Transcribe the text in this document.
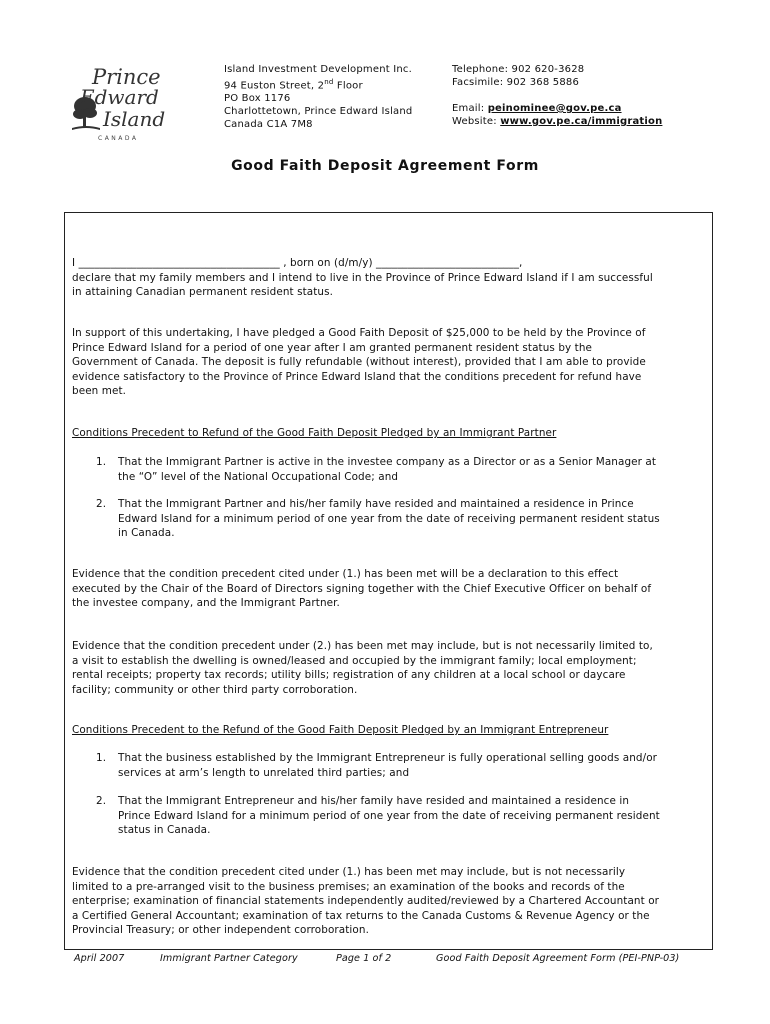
Prince
Edward
Island
CANADA
Island Investment Development Inc.
94 Euston Street, 2nd Floor
PO Box 1176
Charlottetown, Prince Edward Island
Canada C1A 7M8
Telephone: 902 620-3628
Facsimile: 902 368 5886
Email: peinominee@gov.pe.ca
Website: www.gov.pe.ca/immigration
Good Faith Deposit Agreement Form

I ______________________________________ , born on (d/m/y) ___________________________,
declare that my family members and I intend to live in the Province of Prince Edward Island if I am successful
in attaining Canadian permanent resident status.

In support of this undertaking, I have pledged a Good Faith Deposit of $25,000 to be held by the Province of
Prince Edward Island for a period of one year after I am granted permanent resident status by the
Government of Canada. The deposit is fully refundable (without interest), provided that I am able to provide
evidence satisfactory to the Province of Prince Edward Island that the conditions precedent for refund have
been met.

Conditions Precedent to Refund of the Good Faith Deposit Pledged by an Immigrant Partner

1.	That the Immigrant Partner is active in the investee company as a Director or as a Senior Manager at
the “O” level of the National Occupational Code; and
2.	That the Immigrant Partner and his/her family have resided and maintained a residence in Prince
Edward Island for a minimum period of one year from the date of receiving permanent resident status
in Canada.

Evidence that the condition precedent cited under (1.) has been met will be a declaration to this effect
executed by the Chair of the Board of Directors signing together with the Chief Executive Officer on behalf of
the investee company, and the Immigrant Partner.

Evidence that the condition precedent under (2.) has been met may include, but is not necessarily limited to,
a visit to establish the dwelling is owned/leased and occupied by the immigrant family; local employment;
rental receipts; property tax records; utility bills; registration of any children at a local school or daycare
facility; community or other third party corroboration.

Conditions Precedent to the Refund of the Good Faith Deposit Pledged by an Immigrant Entrepreneur

1.	That the business established by the Immigrant Entrepreneur is fully operational selling goods and/or
services at arm’s length to unrelated third parties; and
2.	That the Immigrant Entrepreneur and his/her family have resided and maintained a residence in
Prince Edward Island for a minimum period of one year from the date of receiving permanent resident
status in Canada.

Evidence that the condition precedent cited under (1.) has been met may include, but is not necessarily
limited to a pre-arranged visit to the business premises; an examination of the books and records of the
enterprise; examination of financial statements independently audited/reviewed by a Chartered Accountant or
a Certified General Accountant; examination of tax returns to the Canada Customs & Revenue Agency or the
Provincial Treasury; or other independent corroboration.

April 2007	Immigrant Partner Category	Page 1 of 2	Good Faith Deposit Agreement Form (PEI-PNP-03)
